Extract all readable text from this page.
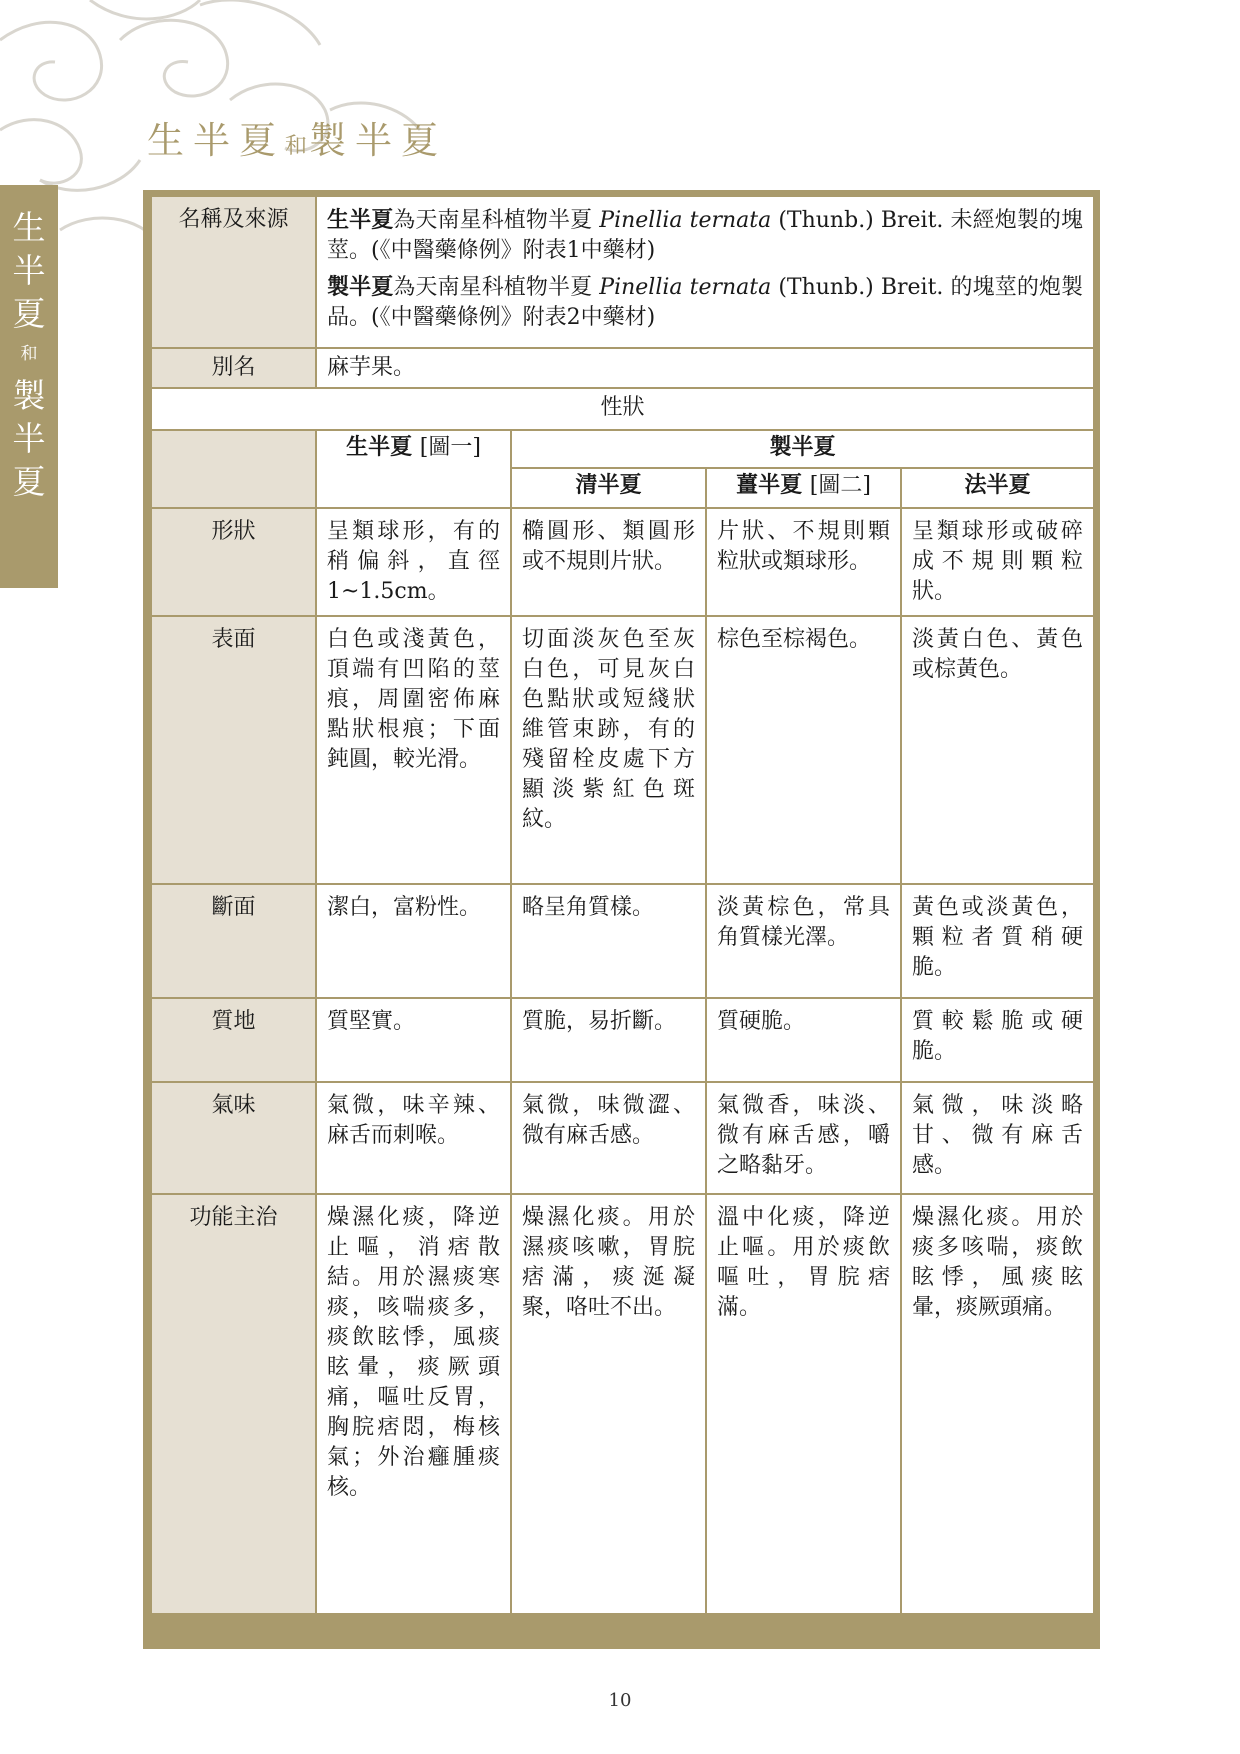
生
半
夏
和
製
半
夏
生半夏和製半夏
名稱及來源	生半夏為天南星科植物半夏 Pinellia ternata (Thunb.) Breit. 未經炮製的塊莖。(《中醫藥條例》附表1中藥材)

製半夏為天南星科植物半夏 Pinellia ternata (Thunb.) Breit. 的塊莖的炮製品。(《中醫藥條例》附表2中藥材)			

別名	麻芋果。			
性狀				
	生半夏 [圖一]	製半夏		
		清半夏	薑半夏 [圖二]	法半夏
形狀	呈類球形，有的稍偏斜，直徑1~1.5cm。	橢圓形、類圓形或不規則片狀。	片狀、不規則顆粒狀或類球形。	呈類球形或破碎成不規則顆粒狀。
表面	白色或淺黃色，頂端有凹陷的莖痕，周圍密佈麻點狀根痕；下面鈍圓，較光滑。	切面淡灰色至灰白色，可見灰白色點狀或短綫狀維管束跡，有的殘留栓皮處下方顯淡紫紅色斑紋。	棕色至棕褐色。	淡黃白色、黃色或棕黃色。
斷面	潔白，富粉性。	略呈角質樣。	淡黃棕色，常具角質樣光澤。	黃色或淡黃色，顆粒者質稍硬脆。
質地	質堅實。	質脆，易折斷。	質硬脆。	質較鬆脆或硬脆。
氣味	氣微，味辛辣、麻舌而刺喉。	氣微，味微澀、微有麻舌感。	氣微香，味淡、微有麻舌感，嚼之略黏牙。	氣微，味淡略甘、微有麻舌感。
功能主治	燥濕化痰，降逆止嘔，消痞散結。用於濕痰寒痰，咳喘痰多，痰飲眩悸，風痰眩暈，痰厥頭痛，嘔吐反胃，胸脘痞悶，梅核氣；外治癰腫痰核。	燥濕化痰。用於濕痰咳嗽，胃脘痞滿，痰涎凝聚，咯吐不出。	溫中化痰，降逆止嘔。用於痰飲嘔吐，胃脘痞滿。	燥濕化痰。用於痰多咳喘，痰飲眩悸，風痰眩暈，痰厥頭痛。
10
